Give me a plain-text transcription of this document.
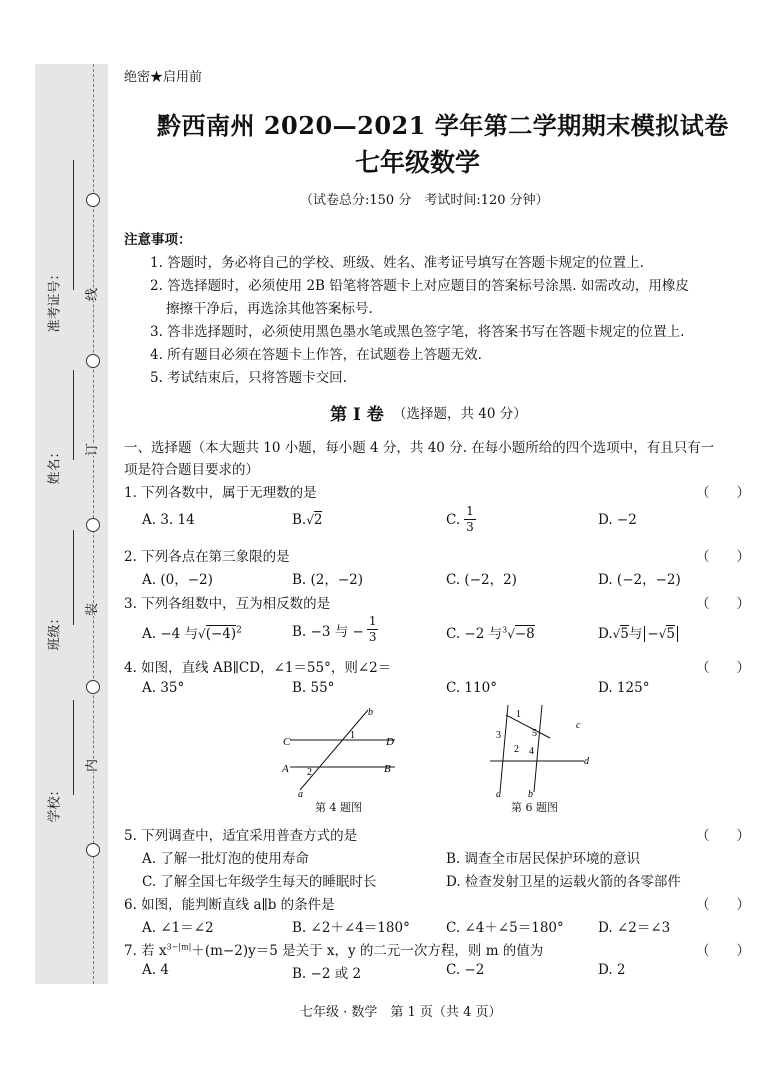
线
订
装
内
姓名：
班级：
学校：
绝密★启用前
黔西南州 2020—2021 学年第二学期期末模拟试卷
七年级数学
（试卷总分:150 分　考试时间:120 分钟）
注意事项：
1. 答题时，务必将自己的学校、班级、姓名、准考证号填写在答题卡规定的位置上.
2. 答选择题时，必须使用 2B 铅笔将答题卡上对应题目的答案标号涂黑. 如需改动，用橡皮
擦擦干净后，再选涂其他答案标号.
3. 答非选择题时，必须使用黑色墨水笔或黑色签字笔，将答案书写在答题卡规定的位置上.
4. 所有题目必须在答题卡上作答，在试题卷上答题无效.
5. 考试结束后，只将答题卡交回.
第 Ⅰ 卷 （选择题，共 40 分）
一、选择题（本大题共 10 小题，每小题 4 分，共 40 分. 在每小题所给的四个选项中，有且只有一
项是符合题目要求的）
1. 下列各数中，属于无理数的是	（　　）
A. 3. 14	B.√2	C.
1
3	D. −2
2. 下列各点在第三象限的是	（　　）
A. (0，−2)	B. (2，−2)	C. (−2，2)	D. (−2，−2)
3. 下列各组数中，互为相反数的是	（　　）
A. −4 与$√(-4)^2$	B. −3 与 − $\frac{1}{3}$	C. −2 与$^3$√−8	D.√5与 −√5
4. 如图，直线 AB∥CD，∠1＝55°，则∠2＝	（　　）
A. 35°	B. 55°	C. 110°	D. 125°
C	D
A	B
b
a
1
2
第 4 题图
a	b
c
d
1
2
3
4
5
第 6 题图
5. 下列调查中，适宜采用普查方式的是	（　　）
A. 了解一批灯泡的使用寿命	B. 调查全市居民保护环境的意识
C. 了解全国七年级学生每天的睡眠时长	D. 检查发射卫星的运载火箭的各零部件
6. 如图，能判断直线 a∥b 的条件是	（　　）
A. ∠1＝∠2	B. ∠2＋∠4＝180°	C. ∠4＋∠5＝180°	D. ∠2＝∠3
7. 若 $x^{3-|m|}+(m-2)y=5$ 是关于 x，y 的二元一次方程，则 m 的值为	（　　）
A. 4	B. −2 或 2	C. −2	D. 2
七年级 · 数学　第 1 页（共 4 页）
